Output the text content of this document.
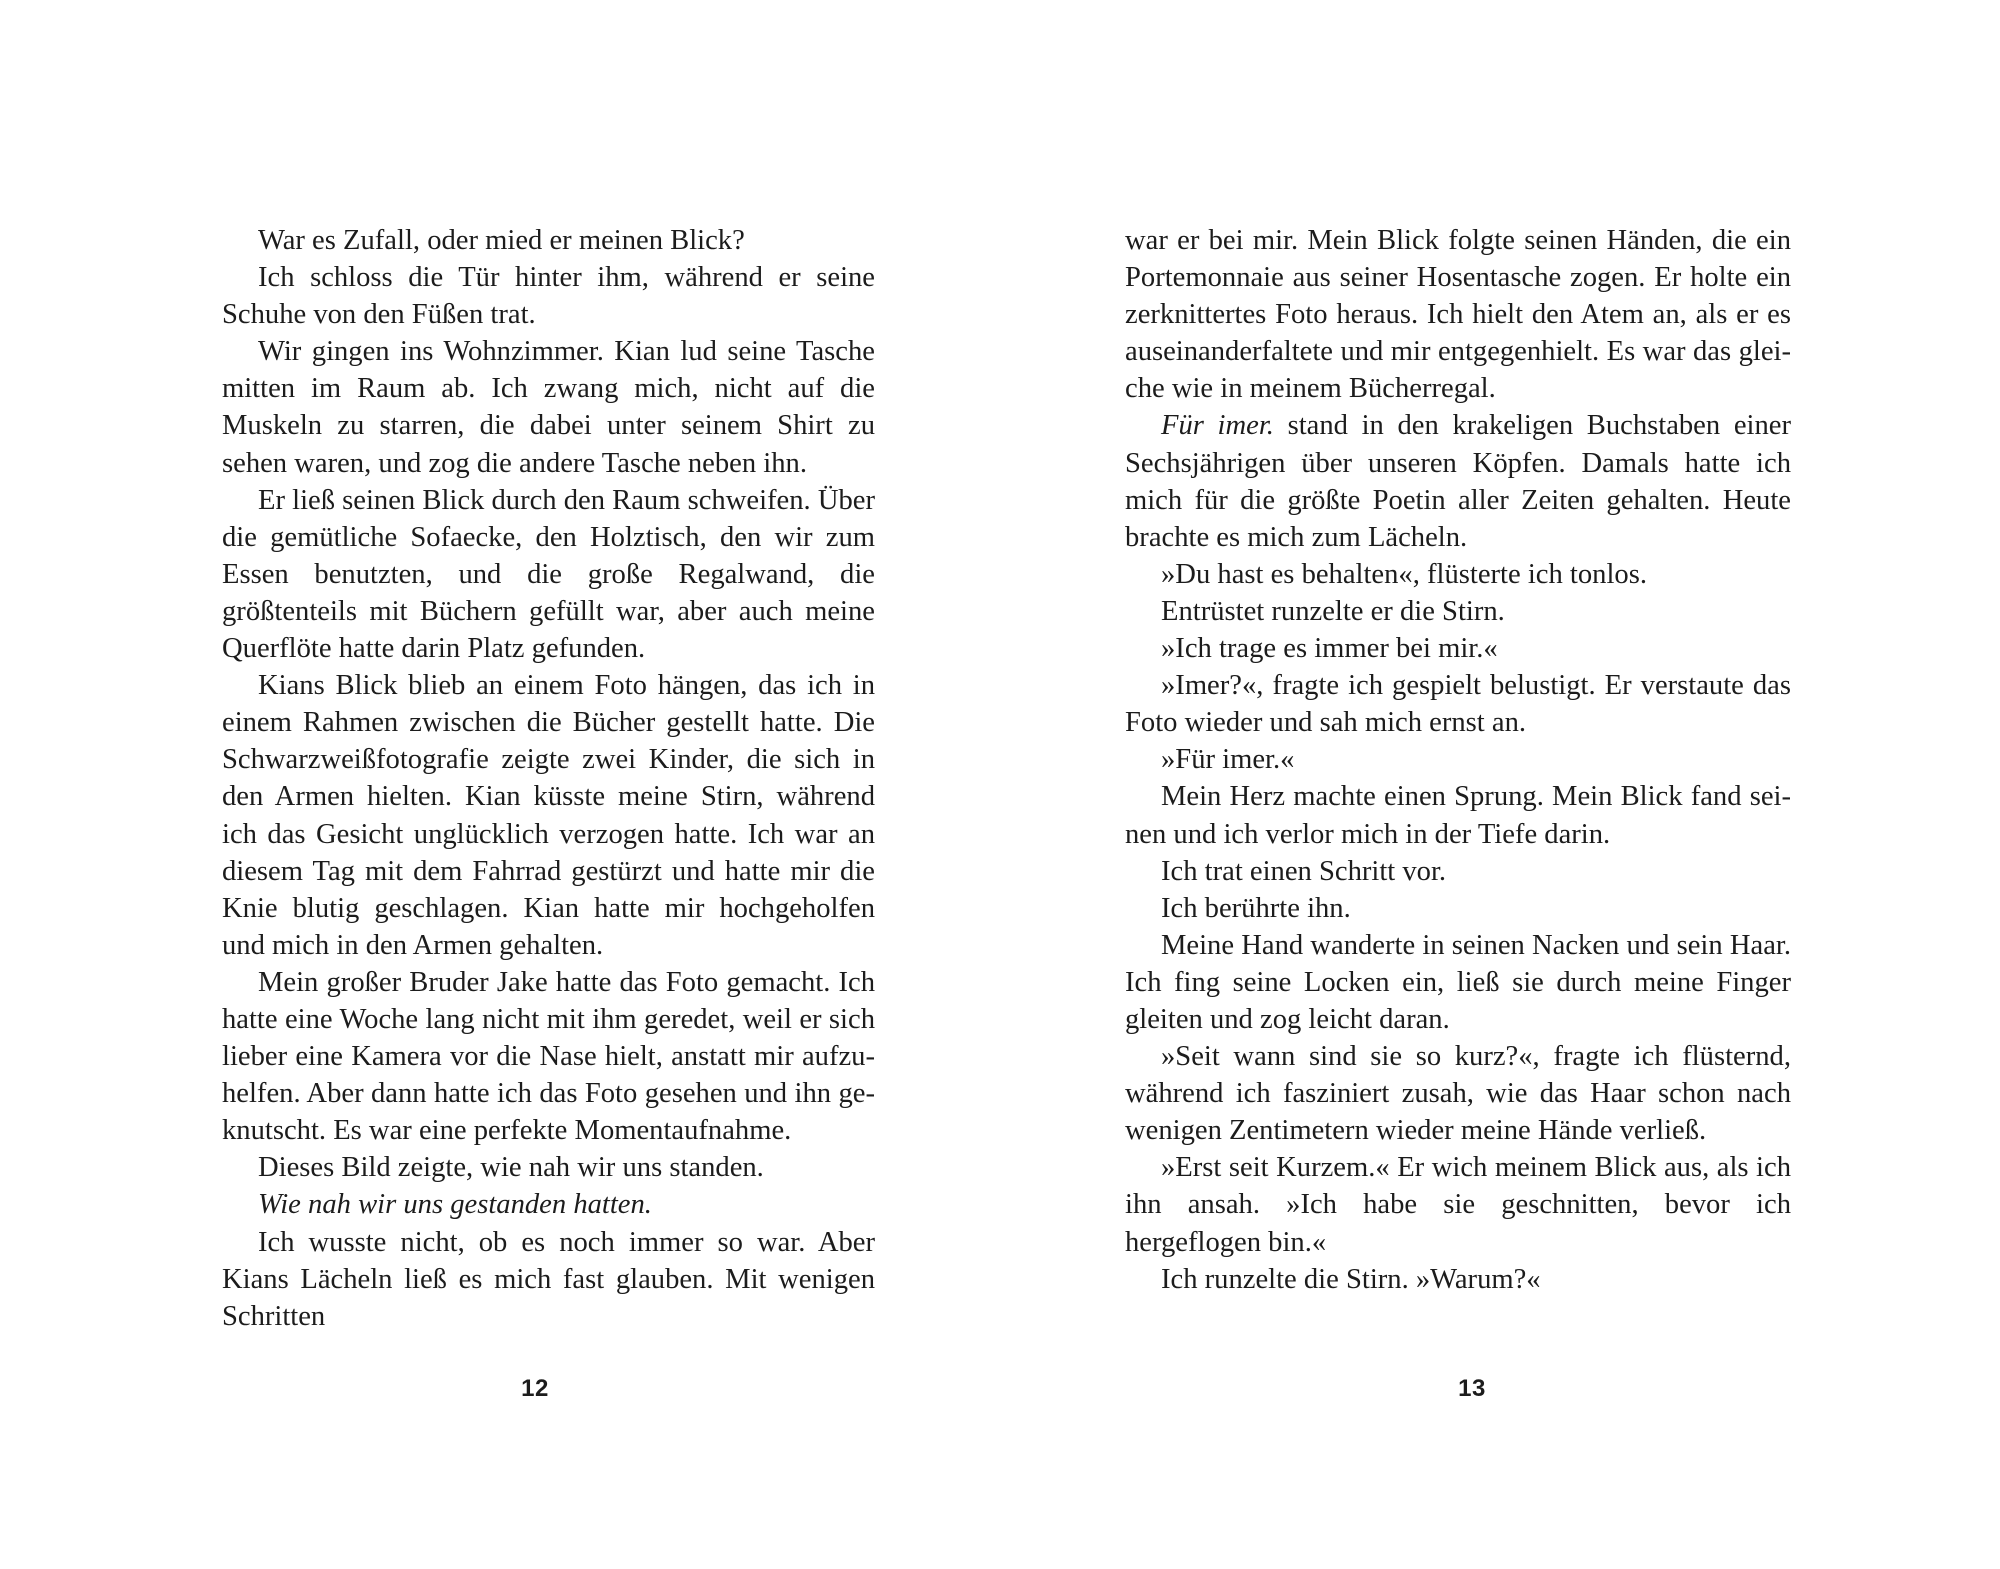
War es Zufall, oder mied er meinen Blick?

Ich schloss die Tür hinter ihm, während er seine Schuhe von den Füßen trat.

Wir gingen ins Wohnzimmer. Kian lud seine Tasche mitten im Raum ab. Ich zwang mich, nicht auf die Muskeln zu starren, die dabei unter seinem Shirt zu sehen waren, und zog die andere Tasche neben ihn.

Er ließ seinen Blick durch den Raum schweifen. Über die gemütliche Sofaecke, den Holztisch, den wir zum Essen benutzten, und die große Regalwand, die größtenteils mit Büchern gefüllt war, aber auch meine Querflöte hatte darin Platz gefunden.

Kians Blick blieb an einem Foto hängen, das ich in einem Rahmen zwischen die Bücher gestellt hatte. Die Schwarzweißfotografie zeigte zwei Kinder, die sich in den Armen hielten. Kian küsste meine Stirn, während ich das Gesicht unglücklich verzogen hatte. Ich war an diesem Tag mit dem Fahrrad gestürzt und hatte mir die Knie blutig geschlagen. Kian hatte mir hochgeholfen und mich in den Armen gehalten.

Mein großer Bruder Jake hatte das Foto gemacht. Ich hatte eine Woche lang nicht mit ihm geredet, weil er sich lieber eine Kamera vor die Nase hielt, anstatt mir aufzuhelfen. Aber dann hatte ich das Foto gesehen und ihn geknutscht. Es war eine perfekte Momentaufnahme.

Dieses Bild zeigte, wie nah wir uns standen.

Wie nah wir uns gestanden hatten.

Ich wusste nicht, ob es noch immer so war. Aber Kians Lächeln ließ es mich fast glauben. Mit wenigen Schritten

12

war er bei mir. Mein Blick folgte seinen Händen, die ein Portemonnaie aus seiner Hosentasche zogen. Er holte ein zerknittertes Foto heraus. Ich hielt den Atem an, als er es auseinanderfaltete und mir entgegenhielt. Es war das gleiche wie in meinem Bücherregal.

Für imer. stand in den krakeligen Buchstaben einer Sechsjährigen über unseren Köpfen. Damals hatte ich mich für die größte Poetin aller Zeiten gehalten. Heute brachte es mich zum Lächeln.

»Du hast es behalten«, flüsterte ich tonlos.

Entrüstet runzelte er die Stirn.

»Ich trage es immer bei mir.«

»Imer?«, fragte ich gespielt belustigt. Er verstaute das Foto wieder und sah mich ernst an.

»Für imer.«

Mein Herz machte einen Sprung. Mein Blick fand seinen und ich verlor mich in der Tiefe darin.

Ich trat einen Schritt vor.

Ich berührte ihn.

Meine Hand wanderte in seinen Nacken und sein Haar. Ich fing seine Locken ein, ließ sie durch meine Finger gleiten und zog leicht daran.

»Seit wann sind sie so kurz?«, fragte ich flüsternd, während ich fasziniert zusah, wie das Haar schon nach wenigen Zentimetern wieder meine Hände verließ.

»Erst seit Kurzem.« Er wich meinem Blick aus, als ich ihn ansah. »Ich habe sie geschnitten, bevor ich hergeflogen bin.«

Ich runzelte die Stirn. »Warum?«

13
